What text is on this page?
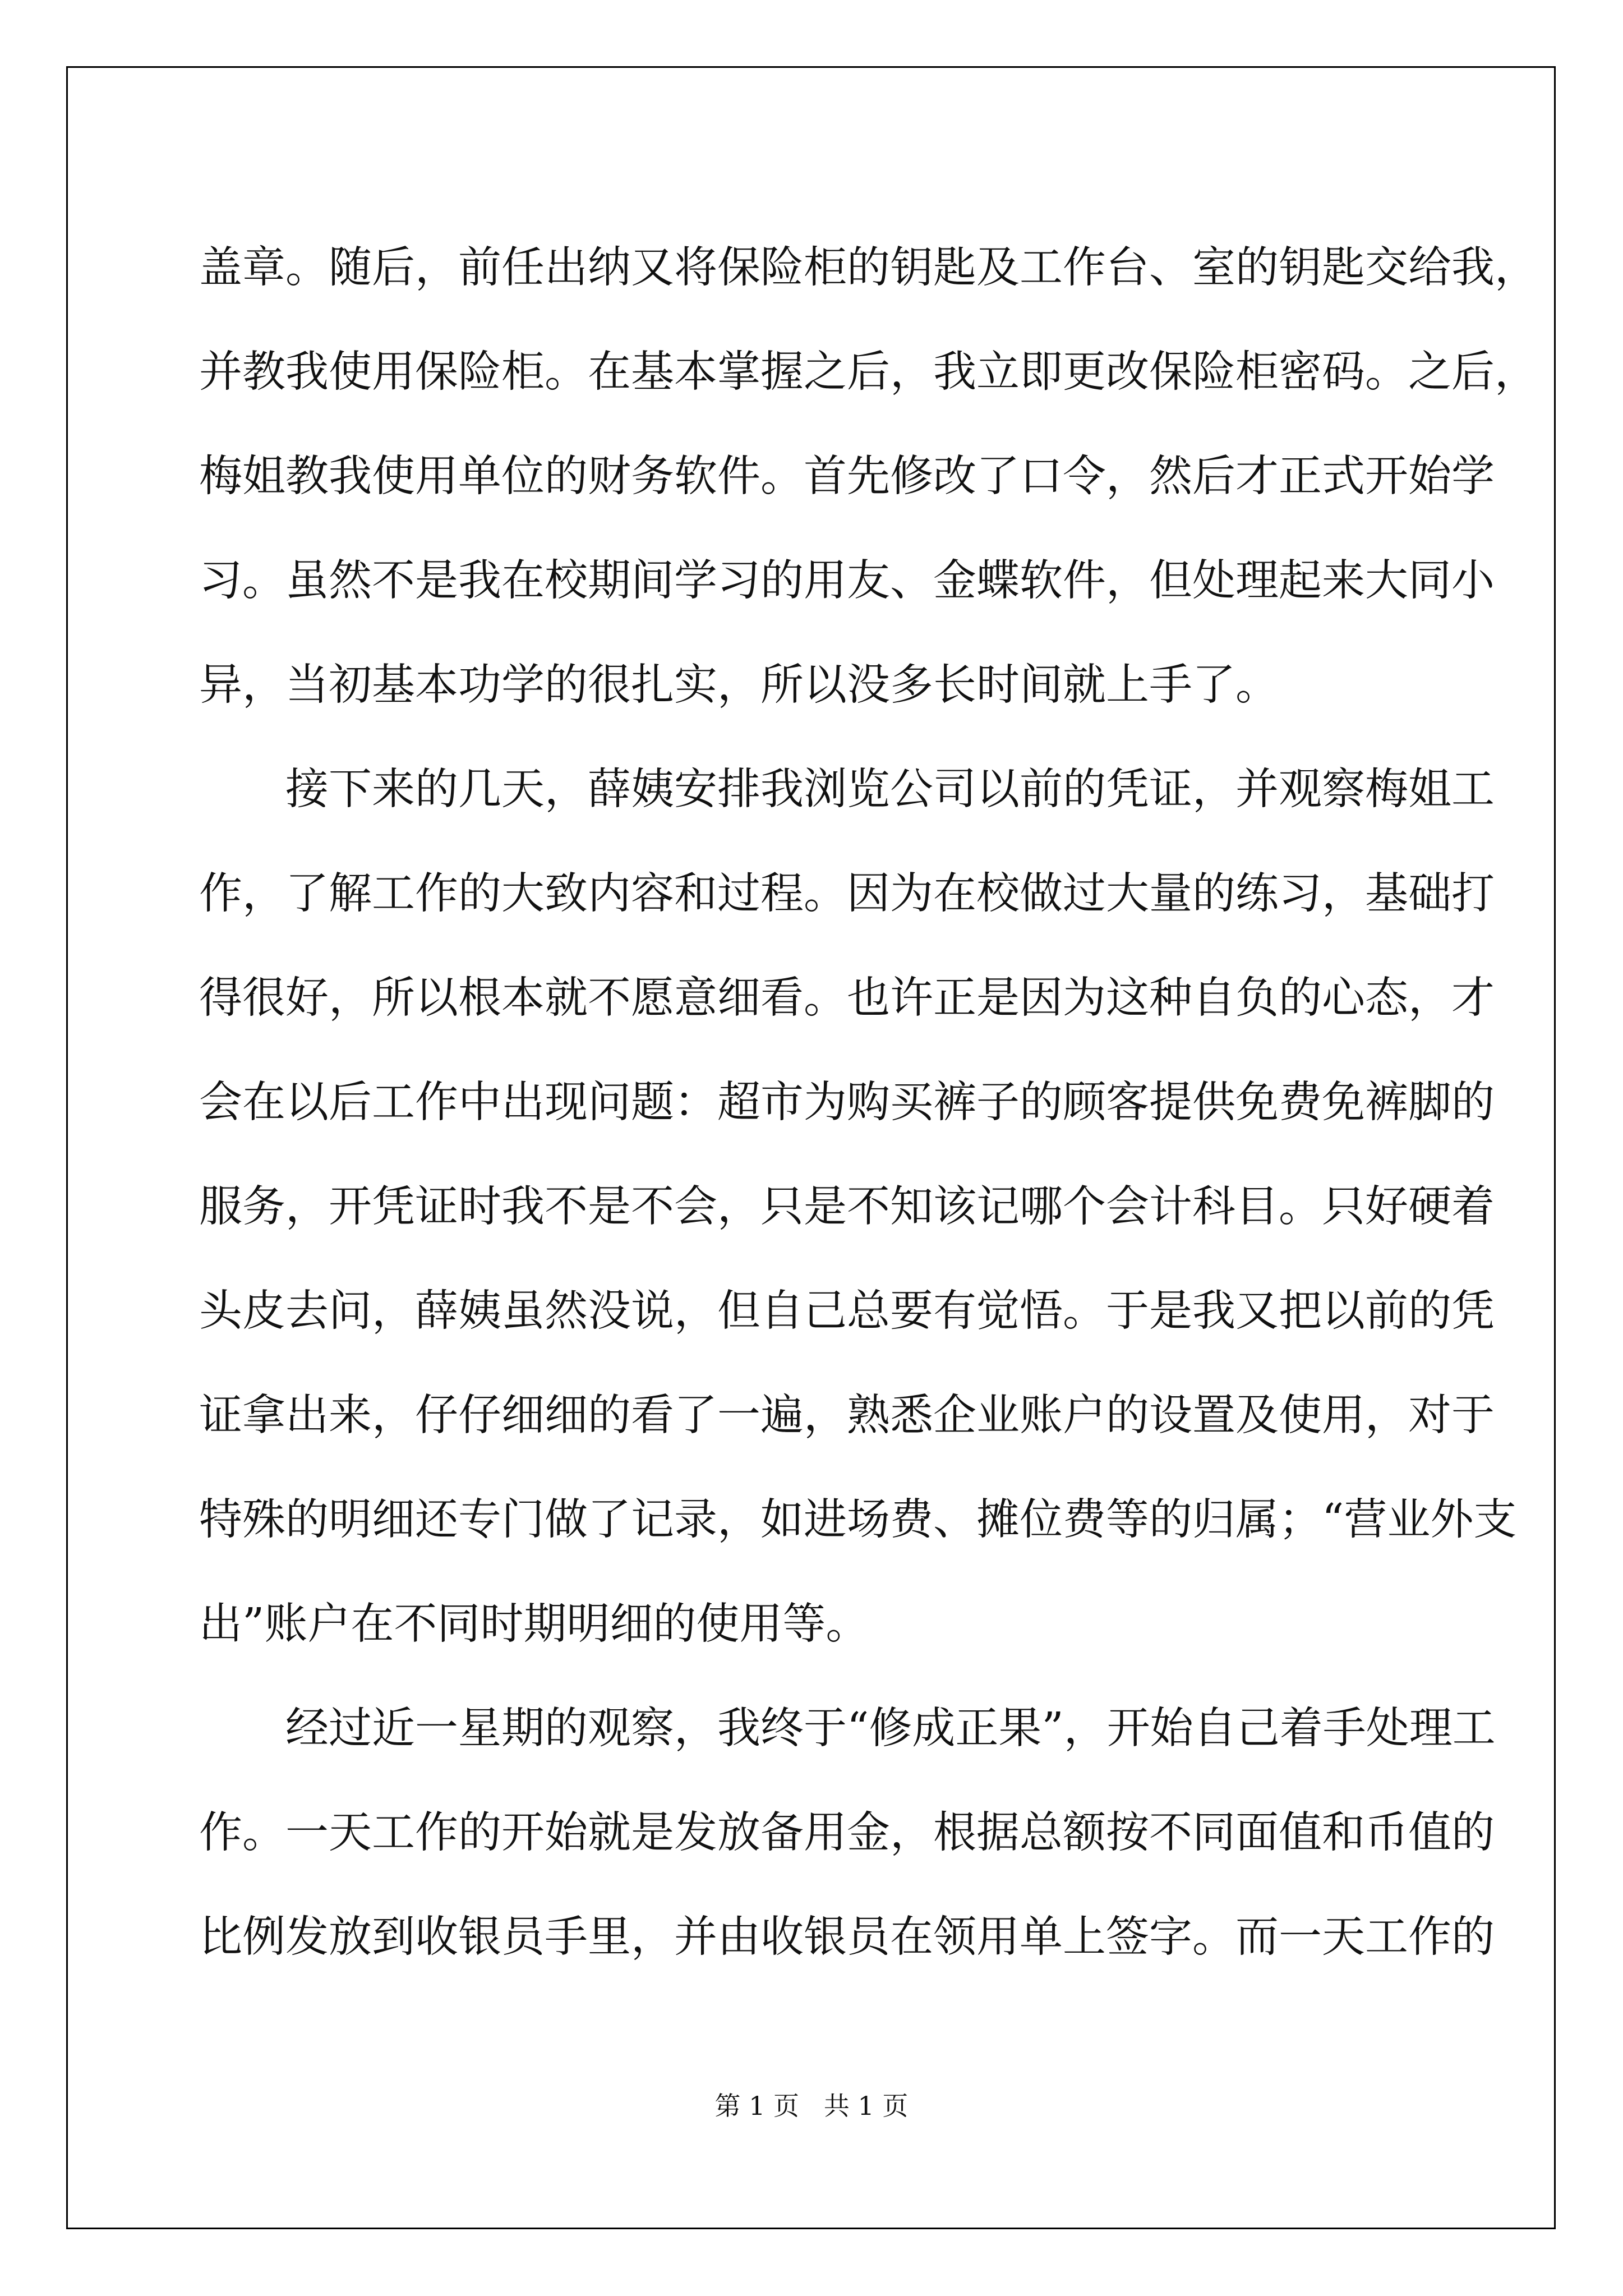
盖章。随后，前任出纳又将保险柜的钥匙及工作台、室的钥匙交给我，
并教我使用保险柜。在基本掌握之后，我立即更改保险柜密码。之后，
梅姐教我使用单位的财务软件。首先修改了口令，然后才正式开始学
习。虽然不是我在校期间学习的用友、金蝶软件，但处理起来大同小
异，当初基本功学的很扎实，所以没多长时间就上手了。
接下来的几天，薛姨安排我浏览公司以前的凭证，并观察梅姐工
作，了解工作的大致内容和过程。因为在校做过大量的练习，基础打
得很好，所以根本就不愿意细看。也许正是因为这种自负的心态，才
会在以后工作中出现问题：超市为购买裤子的顾客提供免费免裤脚的
服务，开凭证时我不是不会，只是不知该记哪个会计科目。只好硬着
头皮去问，薛姨虽然没说，但自己总要有觉悟。于是我又把以前的凭
证拿出来，仔仔细细的看了一遍，熟悉企业账户的设置及使用，对于
特殊的明细还专门做了记录，如进场费、摊位费等的归属；“营业外支
出”账户在不同时期明细的使用等。
经过近一星期的观察，我终于“修成正果”，开始自己着手处理工
作。一天工作的开始就是发放备用金，根据总额按不同面值和币值的
比例发放到收银员手里，并由收银员在领用单上签字。而一天工作的
第 1 页   共 1 页
